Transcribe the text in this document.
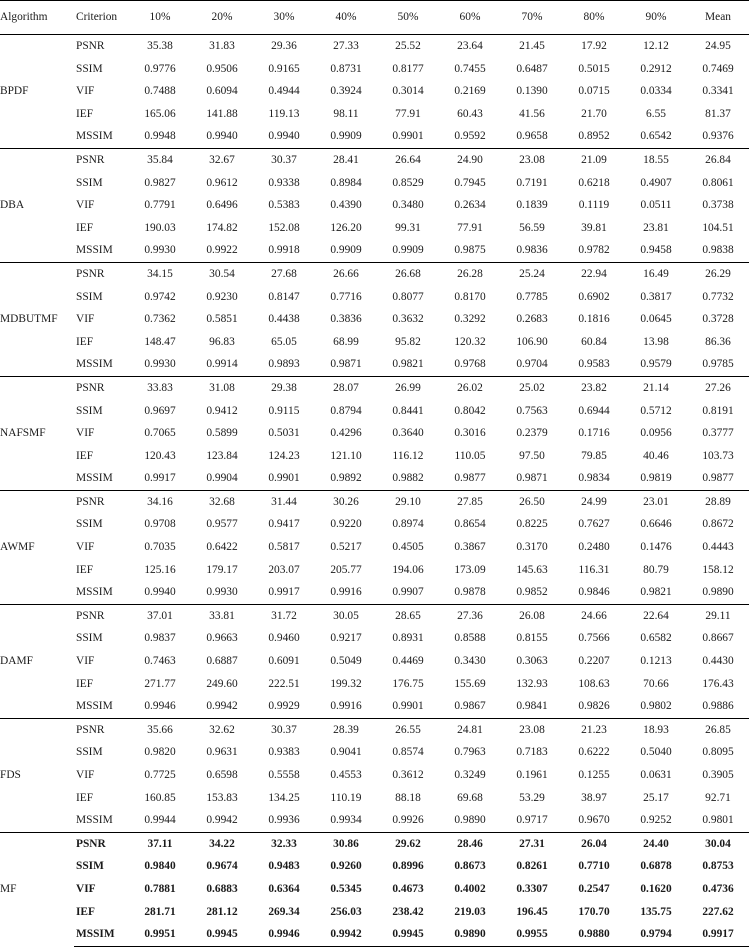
Algorithm	Criterion	10%	20%	30%	40%	50%	60%	70%	80%	90%	Mean
BPDF	PSNR	35.38	31.83	29.36	27.33	25.52	23.64	21.45	17.92	12.12	24.95
	SSIM	0.9776	0.9506	0.9165	0.8731	0.8177	0.7455	0.6487	0.5015	0.2912	0.7469
	VIF	0.7488	0.6094	0.4944	0.3924	0.3014	0.2169	0.1390	0.0715	0.0334	0.3341
	IEF	165.06	141.88	119.13	98.11	77.91	60.43	41.56	21.70	6.55	81.37
	MSSIM	0.9948	0.9940	0.9940	0.9909	0.9901	0.9592	0.9658	0.8952	0.6542	0.9376
DBA	PSNR	35.84	32.67	30.37	28.41	26.64	24.90	23.08	21.09	18.55	26.84
	SSIM	0.9827	0.9612	0.9338	0.8984	0.8529	0.7945	0.7191	0.6218	0.4907	0.8061
	VIF	0.7791	0.6496	0.5383	0.4390	0.3480	0.2634	0.1839	0.1119	0.0511	0.3738
	IEF	190.03	174.82	152.08	126.20	99.31	77.91	56.59	39.81	23.81	104.51
	MSSIM	0.9930	0.9922	0.9918	0.9909	0.9909	0.9875	0.9836	0.9782	0.9458	0.9838
MDBUTMF	PSNR	34.15	30.54	27.68	26.66	26.68	26.28	25.24	22.94	16.49	26.29
	SSIM	0.9742	0.9230	0.8147	0.7716	0.8077	0.8170	0.7785	0.6902	0.3817	0.7732
	VIF	0.7362	0.5851	0.4438	0.3836	0.3632	0.3292	0.2683	0.1816	0.0645	0.3728
	IEF	148.47	96.83	65.05	68.99	95.82	120.32	106.90	60.84	13.98	86.36
	MSSIM	0.9930	0.9914	0.9893	0.9871	0.9821	0.9768	0.9704	0.9583	0.9579	0.9785
NAFSMF	PSNR	33.83	31.08	29.38	28.07	26.99	26.02	25.02	23.82	21.14	27.26
	SSIM	0.9697	0.9412	0.9115	0.8794	0.8441	0.8042	0.7563	0.6944	0.5712	0.8191
	VIF	0.7065	0.5899	0.5031	0.4296	0.3640	0.3016	0.2379	0.1716	0.0956	0.3777
	IEF	120.43	123.84	124.23	121.10	116.12	110.05	97.50	79.85	40.46	103.73
	MSSIM	0.9917	0.9904	0.9901	0.9892	0.9882	0.9877	0.9871	0.9834	0.9819	0.9877
AWMF	PSNR	34.16	32.68	31.44	30.26	29.10	27.85	26.50	24.99	23.01	28.89
	SSIM	0.9708	0.9577	0.9417	0.9220	0.8974	0.8654	0.8225	0.7627	0.6646	0.8672
	VIF	0.7035	0.6422	0.5817	0.5217	0.4505	0.3867	0.3170	0.2480	0.1476	0.4443
	IEF	125.16	179.17	203.07	205.77	194.06	173.09	145.63	116.31	80.79	158.12
	MSSIM	0.9940	0.9930	0.9917	0.9916	0.9907	0.9878	0.9852	0.9846	0.9821	0.9890
DAMF	PSNR	37.01	33.81	31.72	30.05	28.65	27.36	26.08	24.66	22.64	29.11
	SSIM	0.9837	0.9663	0.9460	0.9217	0.8931	0.8588	0.8155	0.7566	0.6582	0.8667
	VIF	0.7463	0.6887	0.6091	0.5049	0.4469	0.3430	0.3063	0.2207	0.1213	0.4430
	IEF	271.77	249.60	222.51	199.32	176.75	155.69	132.93	108.63	70.66	176.43
	MSSIM	0.9946	0.9942	0.9929	0.9916	0.9901	0.9867	0.9841	0.9826	0.9802	0.9886
FDS	PSNR	35.66	32.62	30.37	28.39	26.55	24.81	23.08	21.23	18.93	26.85
	SSIM	0.9820	0.9631	0.9383	0.9041	0.8574	0.7963	0.7183	0.6222	0.5040	0.8095
	VIF	0.7725	0.6598	0.5558	0.4553	0.3612	0.3249	0.1961	0.1255	0.0631	0.3905
	IEF	160.85	153.83	134.25	110.19	88.18	69.68	53.29	38.97	25.17	92.71
	MSSIM	0.9944	0.9942	0.9936	0.9934	0.9926	0.9890	0.9717	0.9670	0.9252	0.9801
MF	PSNR	37.11	34.22	32.33	30.86	29.62	28.46	27.31	26.04	24.40	30.04
	SSIM	0.9840	0.9674	0.9483	0.9260	0.8996	0.8673	0.8261	0.7710	0.6878	0.8753
	VIF	0.7881	0.6883	0.6364	0.5345	0.4673	0.4002	0.3307	0.2547	0.1620	0.4736
	IEF	281.71	281.12	269.34	256.03	238.42	219.03	196.45	170.70	135.75	227.62
	MSSIM	0.9951	0.9945	0.9946	0.9942	0.9945	0.9890	0.9955	0.9880	0.9794	0.9917
